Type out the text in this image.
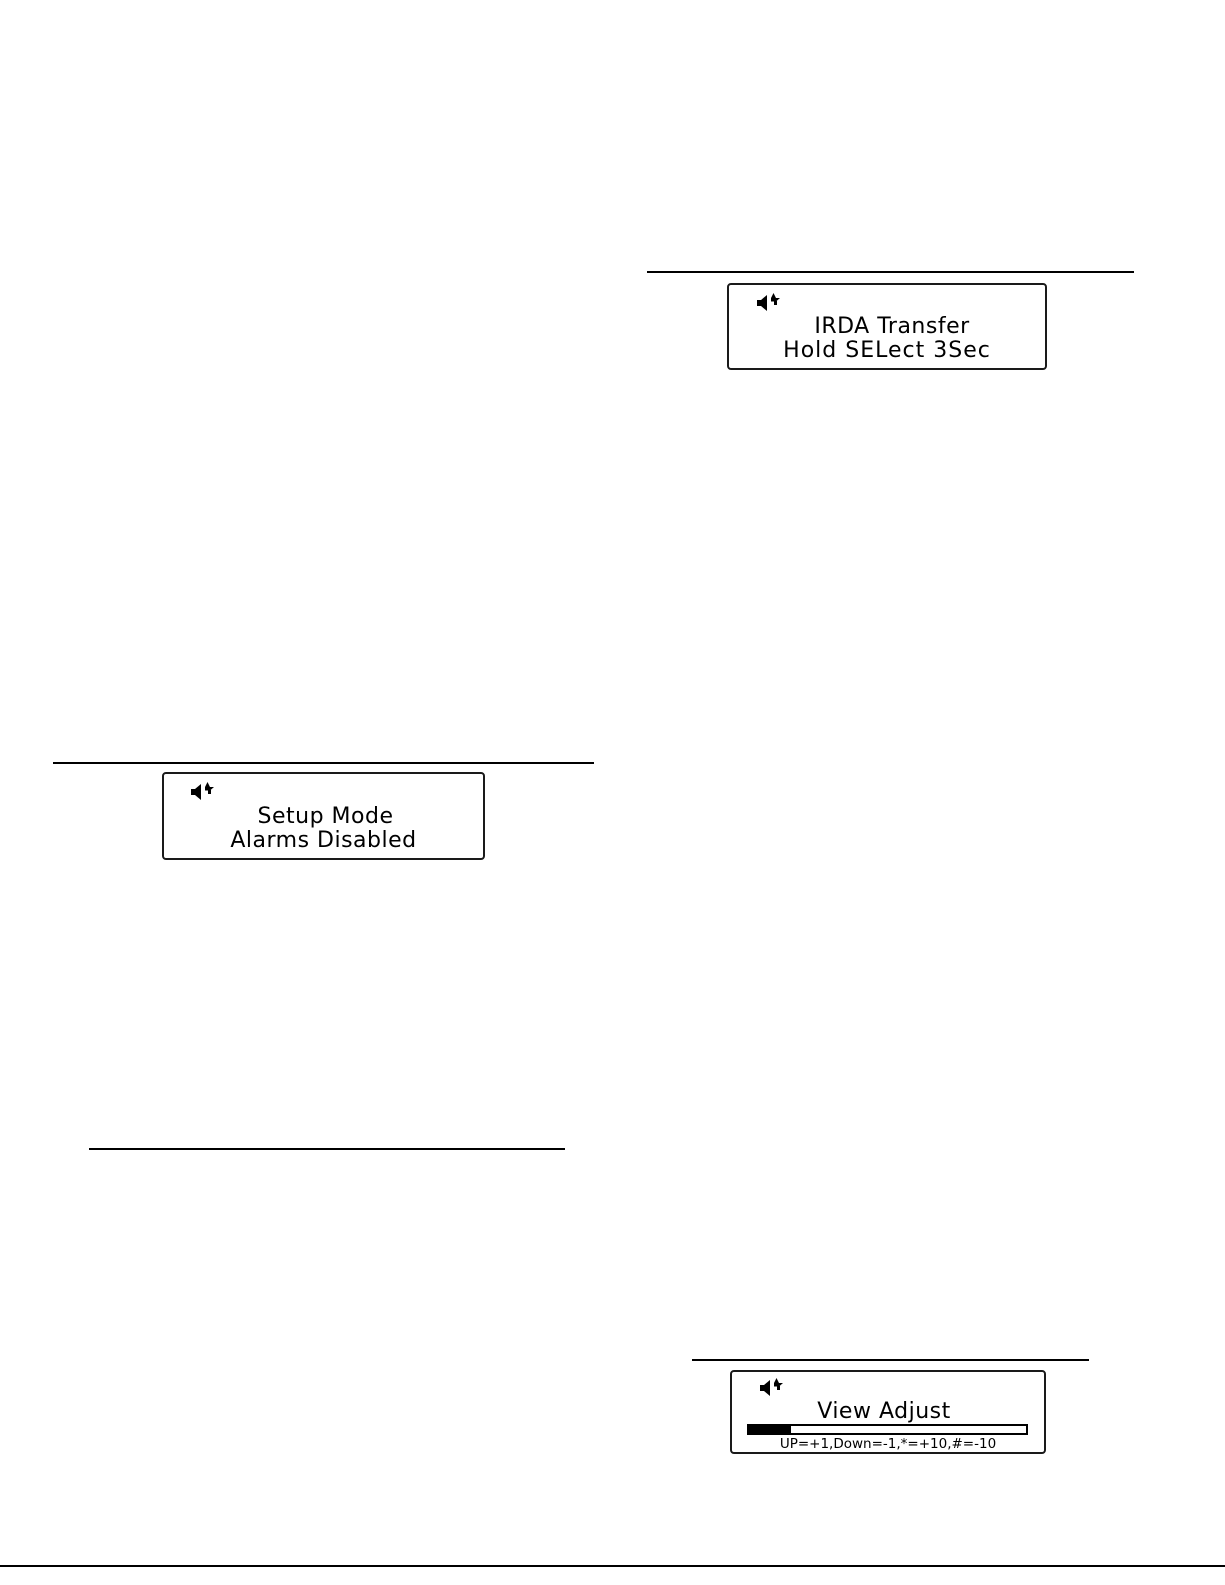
IRDA Transfer
Hold SELect 3Sec
Setup Mode
Alarms Disabled
View Adjust
UP=+1,Down=-1,*=+10,#=-10
